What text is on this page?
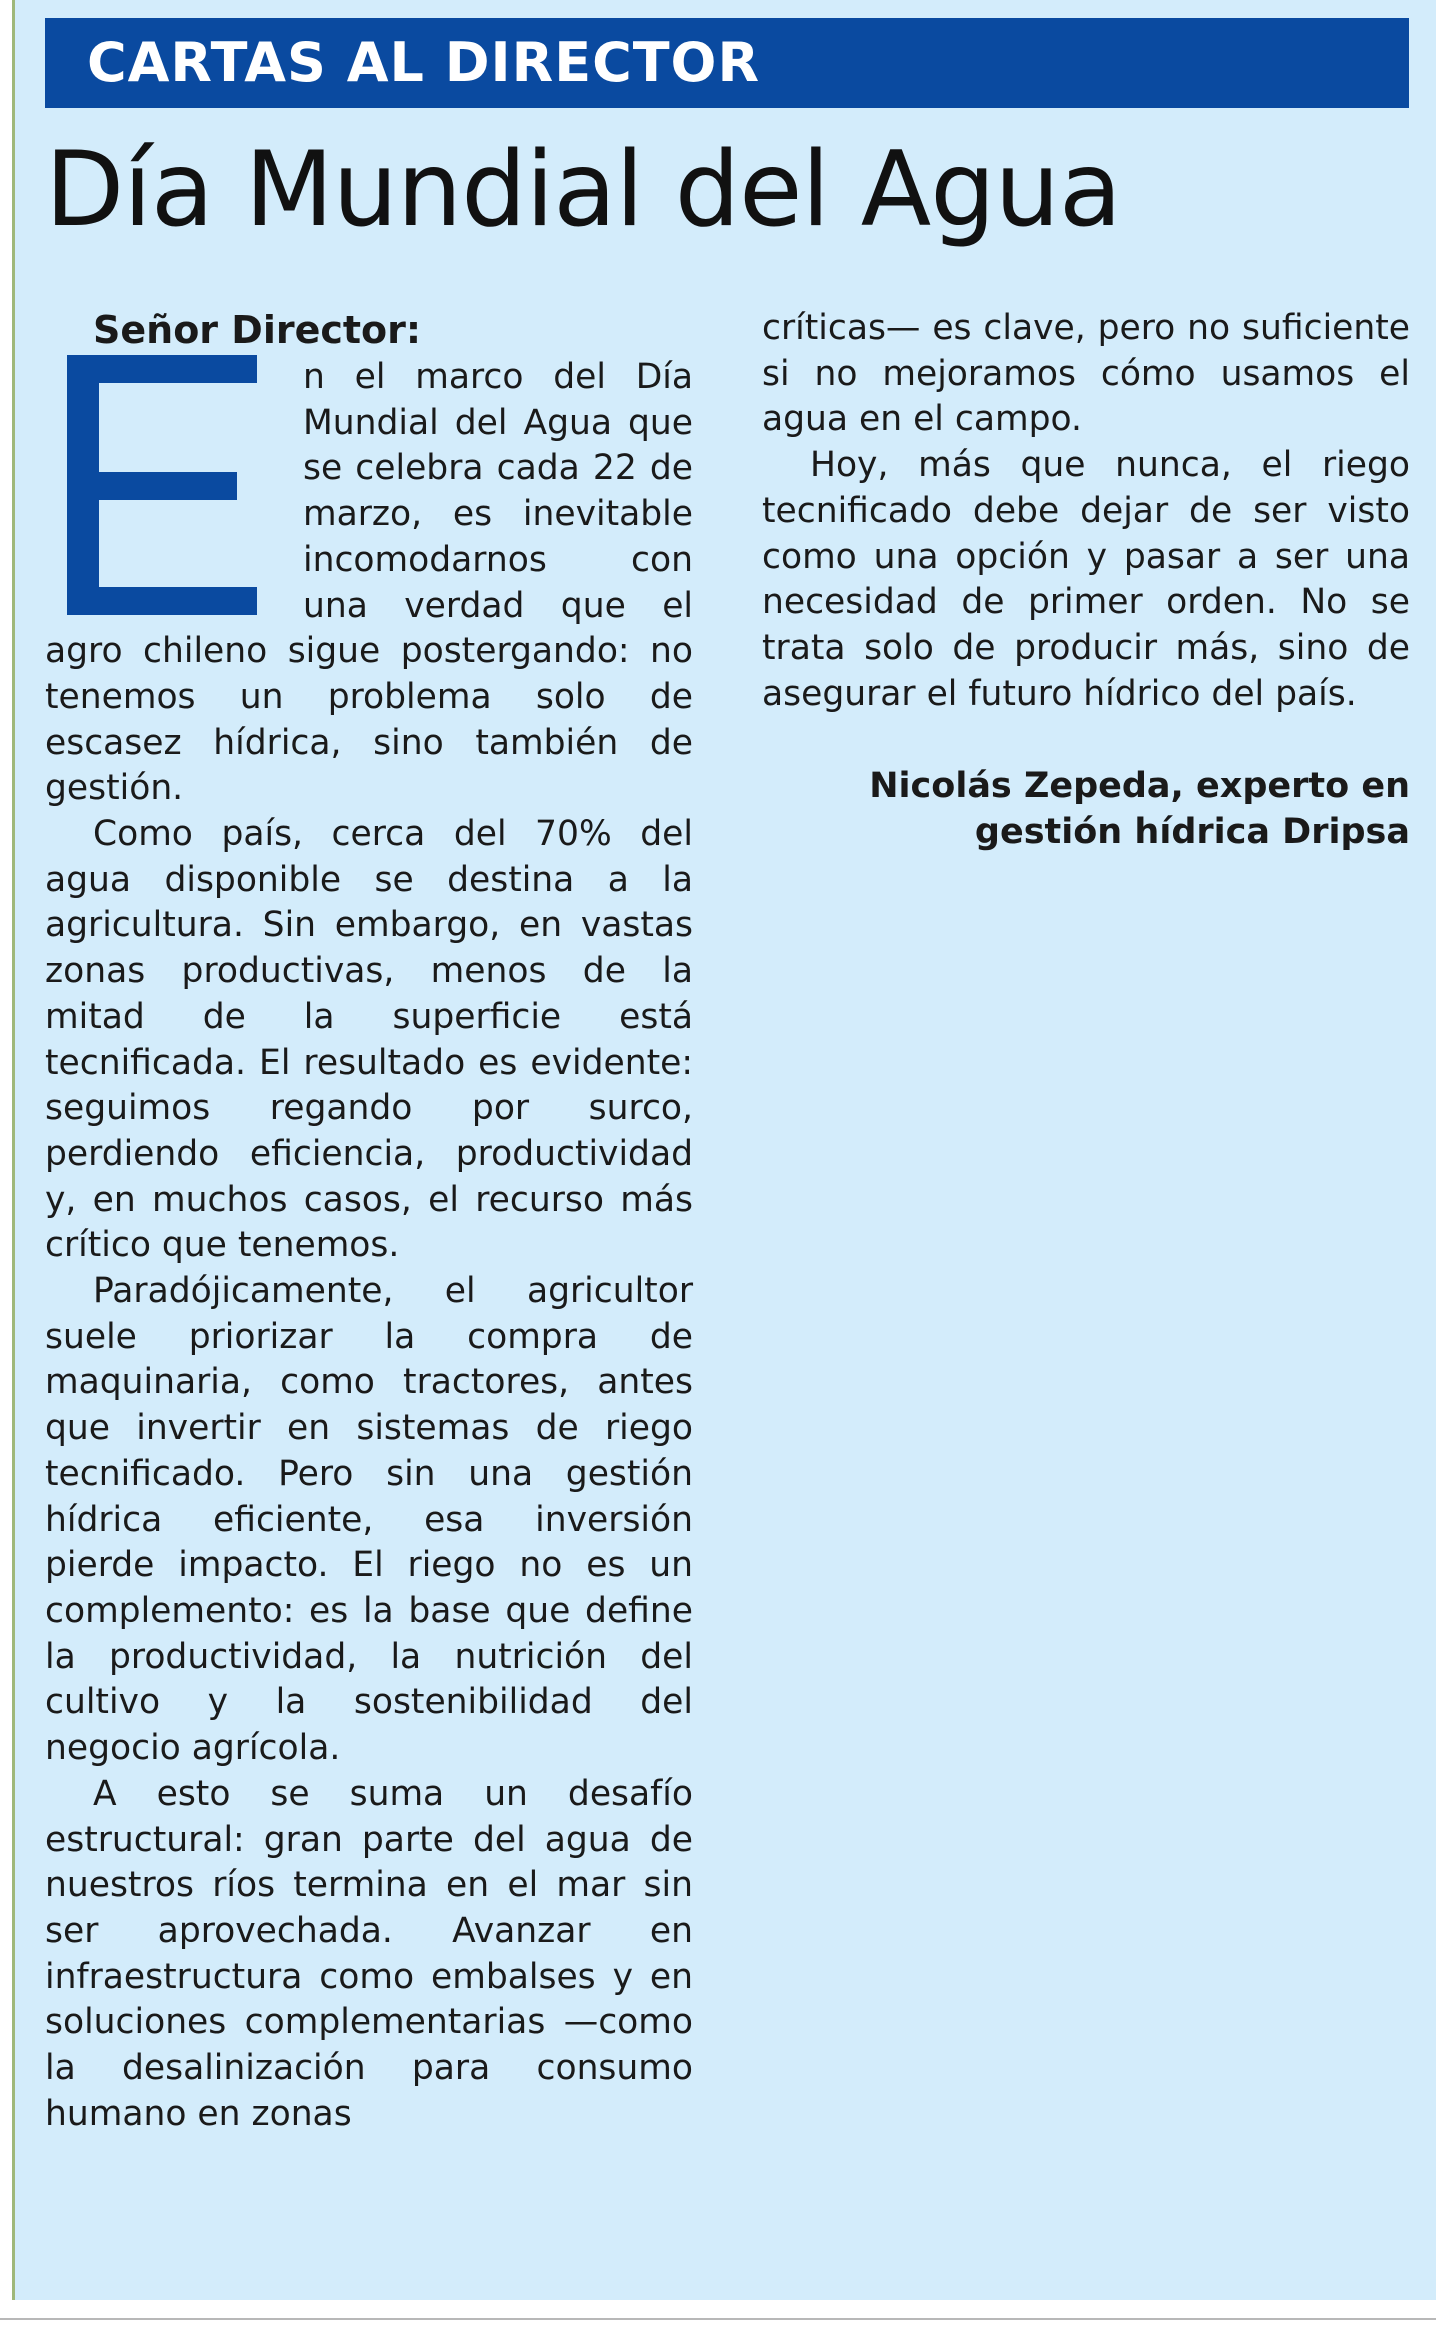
CARTAS AL DIRECTOR
Día Mundial del Agua

Señor Director:

n el marco del Día Mundial del Agua que se celebra cada 22 de marzo, es inevitable incomodarnos con una verdad que el agro chileno sigue postergando: no tenemos un problema solo de escasez hídrica, sino también de gestión.

Como país, cerca del 70% del agua disponible se destina a la agricultura. Sin embargo, en vastas zonas productivas, menos de la mitad de la superficie está tecnificada. El resultado es evidente: seguimos regando por surco, perdiendo eficiencia, productividad y, en muchos casos, el recurso más crítico que tenemos.

Paradójicamente, el agricultor suele priorizar la compra de maquinaria, como tractores, antes que invertir en sistemas de riego tecnificado. Pero sin una gestión hídrica eficiente, esa inversión pierde impacto. El riego no es un complemento: es la base que define la productividad, la nutrición del cultivo y la sostenibilidad del negocio agrícola.

A esto se suma un desafío estructural: gran parte del agua de nuestros ríos termina en el mar sin ser aprovechada. Avanzar en infraestructura como embalses y en soluciones complementarias —como la desalinización para consumo humano en zonas

críticas— es clave, pero no suficiente si no mejoramos cómo usamos el agua en el campo.

Hoy, más que nunca, el riego tecnificado debe dejar de ser visto como una opción y pasar a ser una necesidad de primer orden. No se trata solo de producir más, sino de asegurar el futuro hídrico del país.

Nicolás Zepeda, experto en
gestión hídrica Dripsa
